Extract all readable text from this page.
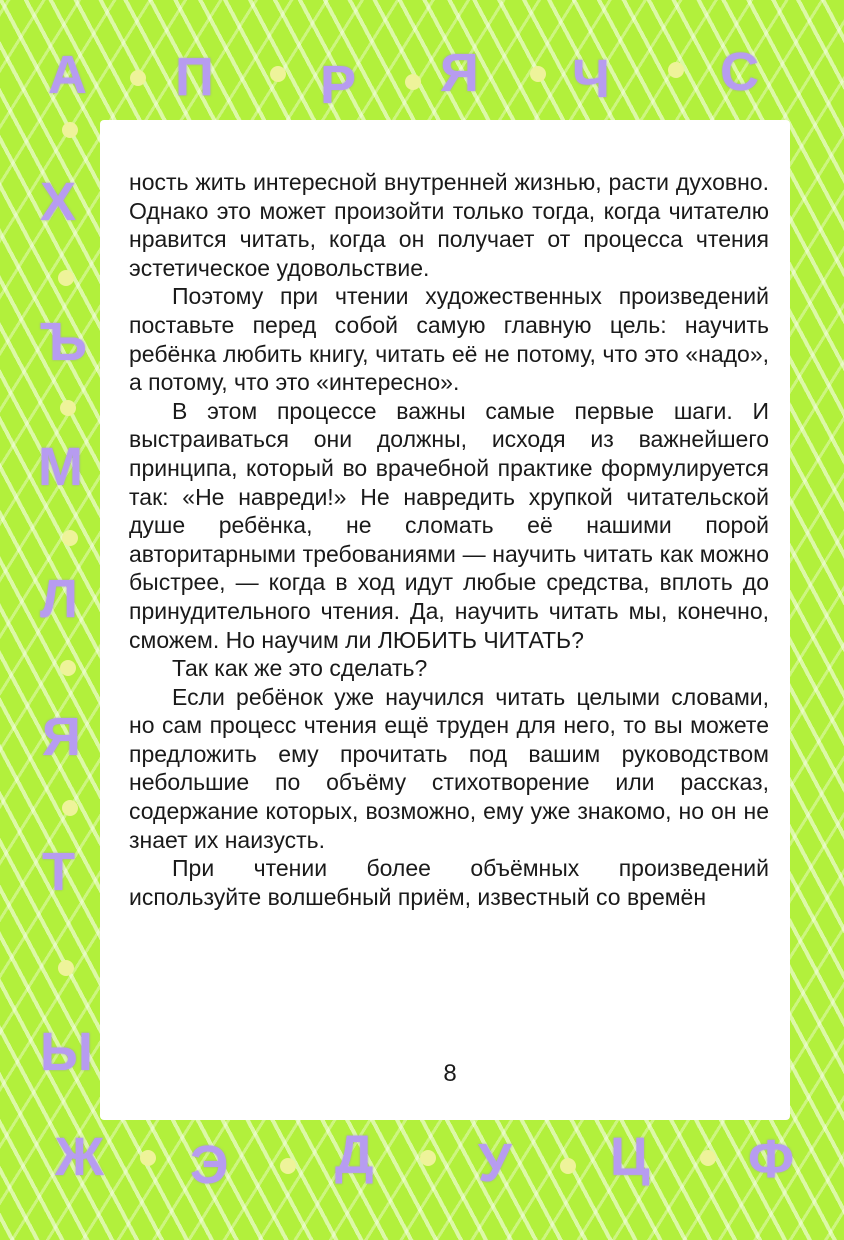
А П Р Я Ч С
Х
Ъ
М
Л
Я
Т
Ы
Ж Э Д У Ц Ф

ность жить интересной внутренней жизнью, расти духовно. Однако это может произойти только тогда, когда читателю нравится читать, когда он получает от процесса чтения эстетическое удовольствие.

Поэтому при чтении художественных произведений поставьте перед собой самую главную цель: научить ребёнка любить книгу, читать её не потому, что это «надо», а потому, что это «интересно».

В этом процессе важны самые первые шаги. И выстраиваться они должны, исходя из важнейшего принципа, который во врачебной практике формулируется так: «Не навреди!» Не навредить хрупкой читательской душе ребёнка, не сломать её нашими порой авторитарными требованиями — научить читать как можно быстрее, — когда в ход идут любые средства, вплоть до принудительного чтения. Да, научить читать мы, конечно, сможем. Но научим ли ЛЮБИТЬ ЧИТАТЬ?

Так как же это сделать?

Если ребёнок уже научился читать целыми словами, но сам процесс чтения ещё труден для него, то вы можете предложить ему прочитать под вашим руководством небольшие по объёму стихотворение или рассказ, содержание которых, возможно, ему уже знакомо, но он не знает их наизусть.

При чтении более объёмных произведений используйте волшебный приём, известный со времён

8
